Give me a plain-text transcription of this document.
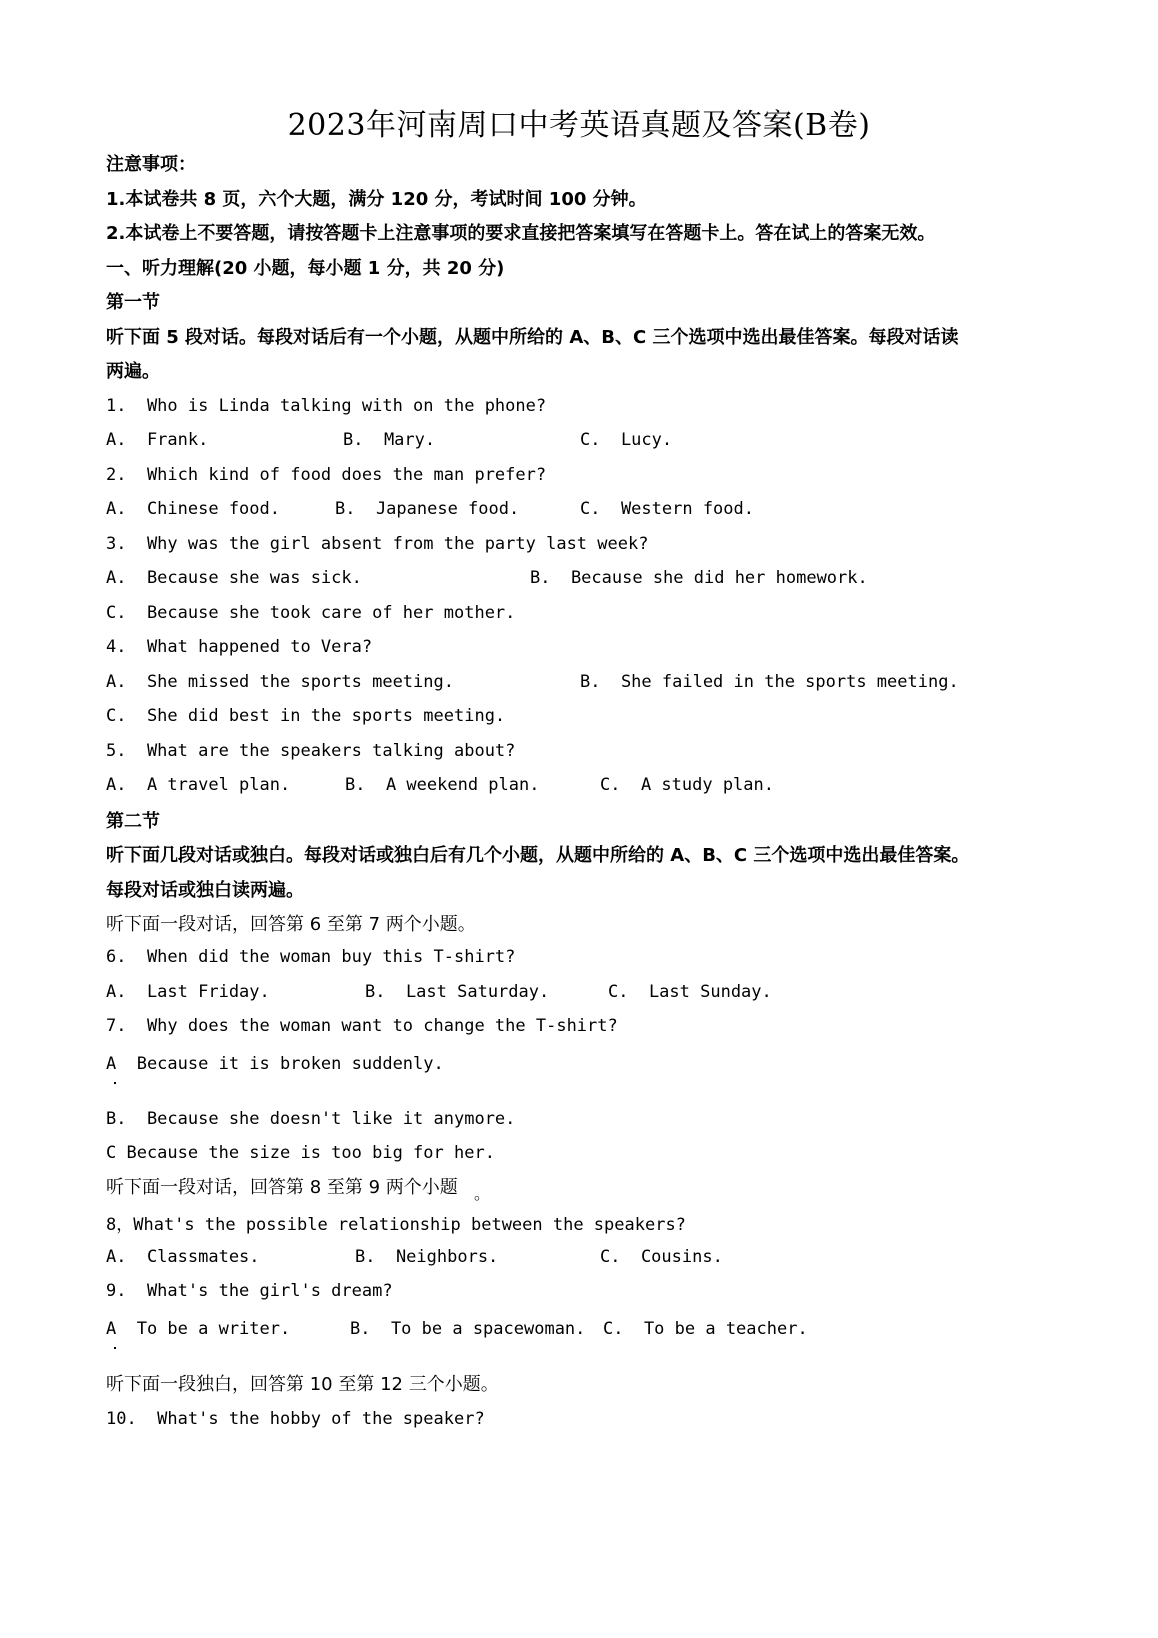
2023年河南周口中考英语真题及答案(B卷)
注意事项：
1.本试卷共 8 页，六个大题，满分 120 分，考试时间 100 分钟。
2.本试卷上不要答题，请按答题卡上注意事项的要求直接把答案填写在答题卡上。答在试上的答案无效。
一、听力理解(20 小题，每小题 1 分，共 20 分)
第一节
听下面 5 段对话。每段对话后有一个小题，从题中所给的 A、B、C 三个选项中选出最佳答案。每段对话读
两遍。
1.  Who is Linda talking with on the phone?
A.  Frank.	B.  Mary.	C.  Lucy.
2.  Which kind of food does the man prefer?
A.  Chinese food.	B.  Japanese food.	C.  Western food.
3.  Why was the girl absent from the party last week?
A.  Because she was sick.	B.  Because she did her homework.
C.  Because she took care of her mother.
4.  What happened to Vera?
A.  She missed the sports meeting.	B.  She failed in the sports meeting.
C.  She did best in the sports meeting.
5.  What are the speakers talking about?
A.  A travel plan.	B.  A weekend plan.	C.  A study plan.
第二节
听下面几段对话或独白。每段对话或独白后有几个小题，从题中所给的 A、B、C 三个选项中选出最佳答案。
每段对话或独白读两遍。
听下面一段对话，回答第 6 至第 7 两个小题。
6.  When did the woman buy this T-shirt?
A.  Last Friday.	B.  Last Saturday.	C.  Last Sunday.
7.  Why does the woman want to change the T-shirt?
A  Because it is broken suddenly.
B.  Because she doesn't like it anymore.
C Because the size is too big for her.
听下面一段对话，回答第 8 至第 9 两个小题 。
8，What's the possible relationship between the speakers?
A.  Classmates.	B.  Neighbors.	C.  Cousins.
9.  What's the girl's dream?
A  To be a writer.	B.  To be a spacewoman. C.  To be a teacher.
听下面一段独白，回答第 10 至第 12 三个小题。
10.  What's the hobby of the speaker?
